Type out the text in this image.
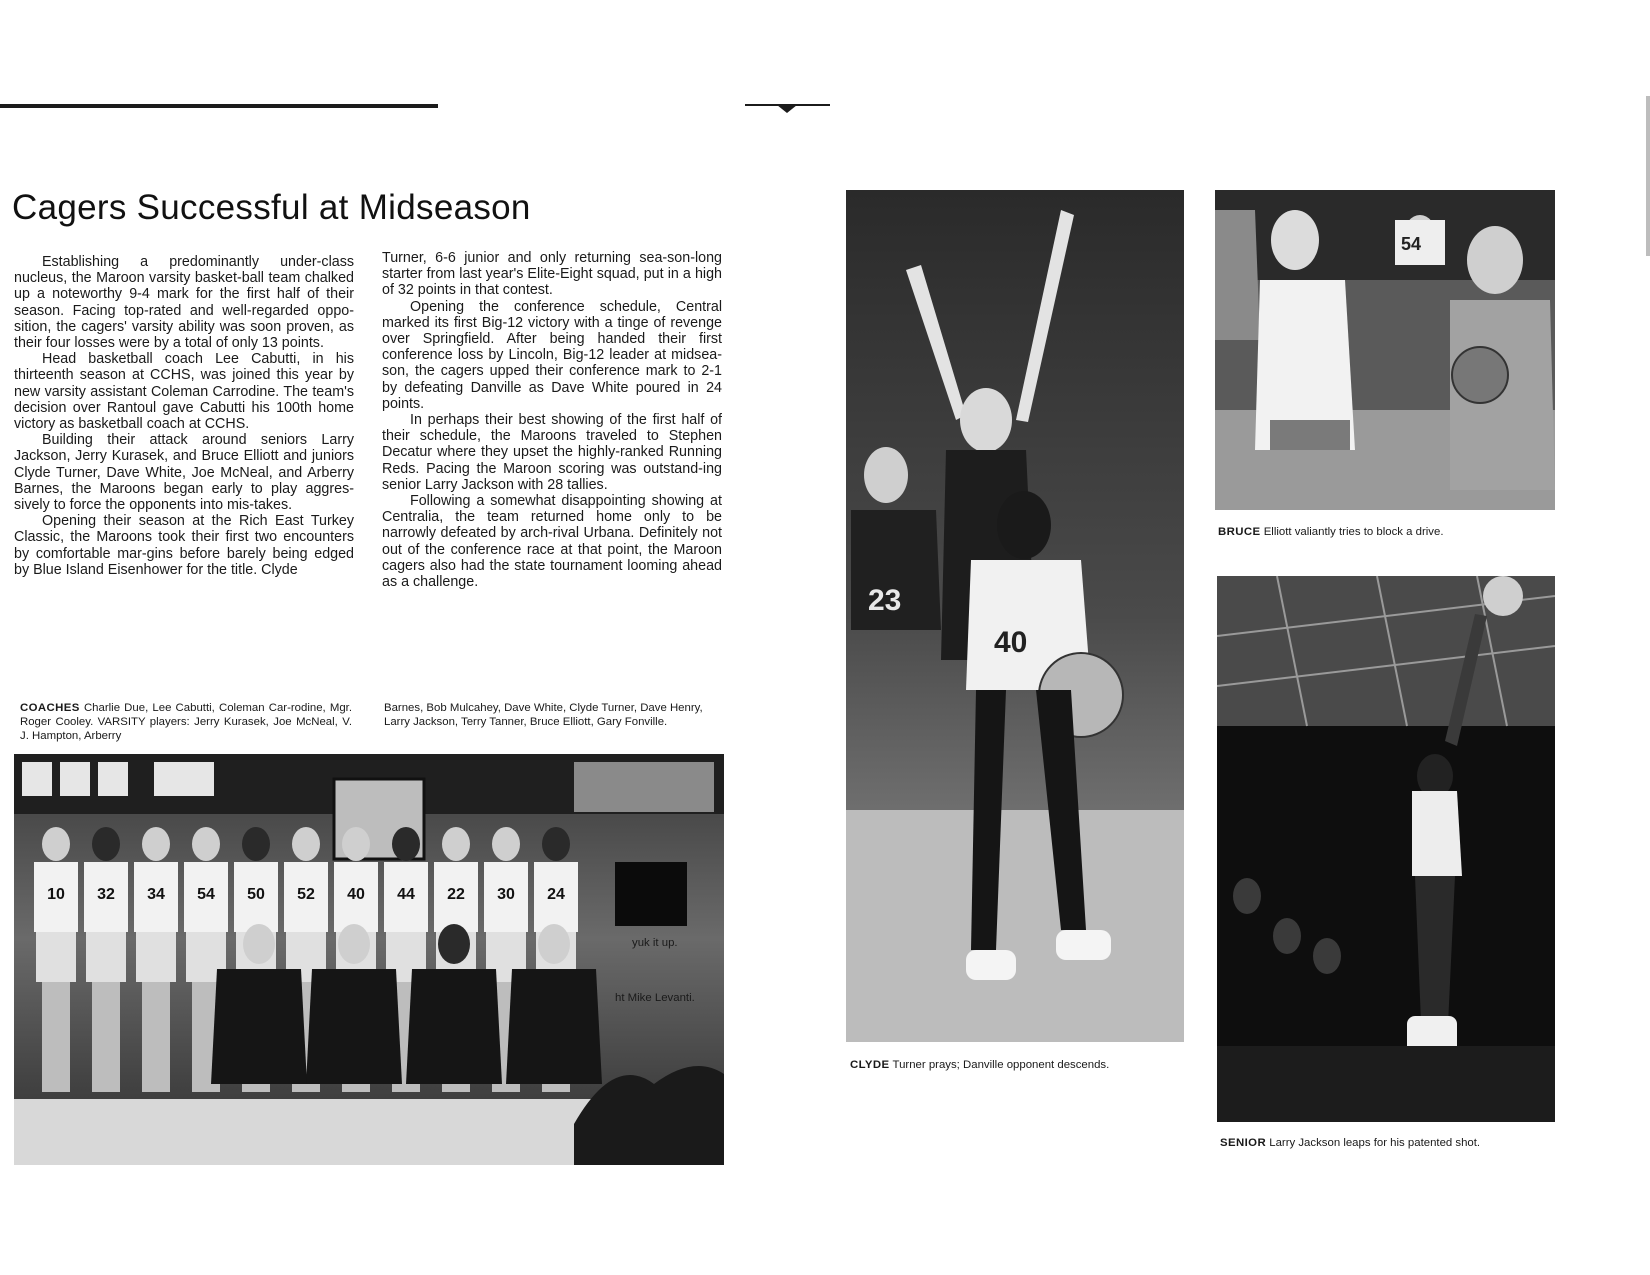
Cagers Successful at Midseason

Establishing a predominantly under-class nucleus, the Maroon varsity basket-ball team chalked up a noteworthy 9-4 mark for the first half of their season. Facing top-rated and well-regarded oppo-sition, the cagers' varsity ability was soon proven, as their four losses were by a total of only 13 points.

Head basketball coach Lee Cabutti, in his thirteenth season at CCHS, was joined this year by new varsity assistant Coleman Carrodine. The team's decision over Rantoul gave Cabutti his 100th home victory as basketball coach at CCHS.

Building their attack around seniors Larry Jackson, Jerry Kurasek, and Bruce Elliott and juniors Clyde Turner, Dave White, Joe McNeal, and Arberry Barnes, the Maroons began early to play aggres-sively to force the opponents into mis-takes.

Opening their season at the Rich East Turkey Classic, the Maroons took their first two encounters by comfortable mar-gins before barely being edged by Blue Island Eisenhower for the title. Clyde

Turner, 6-6 junior and only returning sea-son-long starter from last year's Elite-Eight squad, put in a high of 32 points in that contest.

Opening the conference schedule, Central marked its first Big-12 victory with a tinge of revenge over Springfield. After being handed their first conference loss by Lincoln, Big-12 leader at midsea-son, the cagers upped their conference mark to 2-1 by defeating Danville as Dave White poured in 24 points.

In perhaps their best showing of the first half of their schedule, the Maroons traveled to Stephen Decatur where they upset the highly-ranked Running Reds. Pacing the Maroon scoring was outstand-ing senior Larry Jackson with 28 tallies.

Following a somewhat disappointing showing at Centralia, the team returned home only to be narrowly defeated by arch-rival Urbana. Definitely not out of the conference race at that point, the Maroon cagers also had the state tournament looming ahead as a challenge.

COACHES Charlie Due, Lee Cabutti, Coleman Car-rodine, Mgr. Roger Cooley. VARSITY players: Jerry Kurasek, Joe McNeal, V. J. Hampton, Arberry
Barnes, Bob Mulcahey, Dave White, Clyde Turner, Dave Henry, Larry Jackson, Terry Tanner, Bruce Elliott, Gary Fonville.
10 32 34 54 50 52 40 44 22 30 24
yuk it up.
ht Mike Levanti.
23
40
CLYDE Turner prays; Danville opponent descends.
54
BRUCE Elliott valiantly tries to block a drive.
SENIOR Larry Jackson leaps for his patented shot.
